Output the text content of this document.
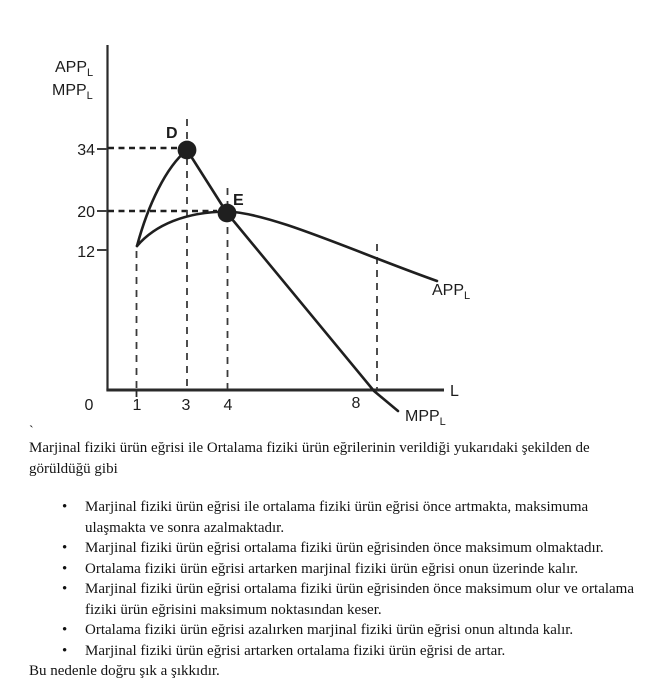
$APP_L$
$MPP_L$
34
20
12
0 1	3 4	8
D
E
$APP_L$
$MPP_L$
L
`

Marjinal fiziki ürün eğrisi ile Ortalama fiziki ürün eğrilerinin verildiği yukarıdaki şekilden de görüldüğü gibi

• Marjinal fiziki ürün eğrisi ile ortalama fiziki ürün eğrisi önce artmakta, maksimuma ulaşmakta ve sonra azalmaktadır.
• Marjinal fiziki ürün eğrisi ortalama fiziki ürün eğrisinden önce maksimum olmaktadır.
• Ortalama fiziki ürün eğrisi artarken marjinal fiziki ürün eğrisi onun üzerinde kalır.
• Marjinal fiziki ürün eğrisi ortalama fiziki ürün eğrisinden önce maksimum olur ve ortalama fiziki ürün eğrisini maksimum noktasından keser.
• Ortalama fiziki ürün eğrisi azalırken marjinal fiziki ürün eğrisi onun altında kalır.
• Marjinal fiziki ürün eğrisi artarken ortalama fiziki ürün eğrisi de artar.

Bu nedenle doğru şık a şıkkıdır.
